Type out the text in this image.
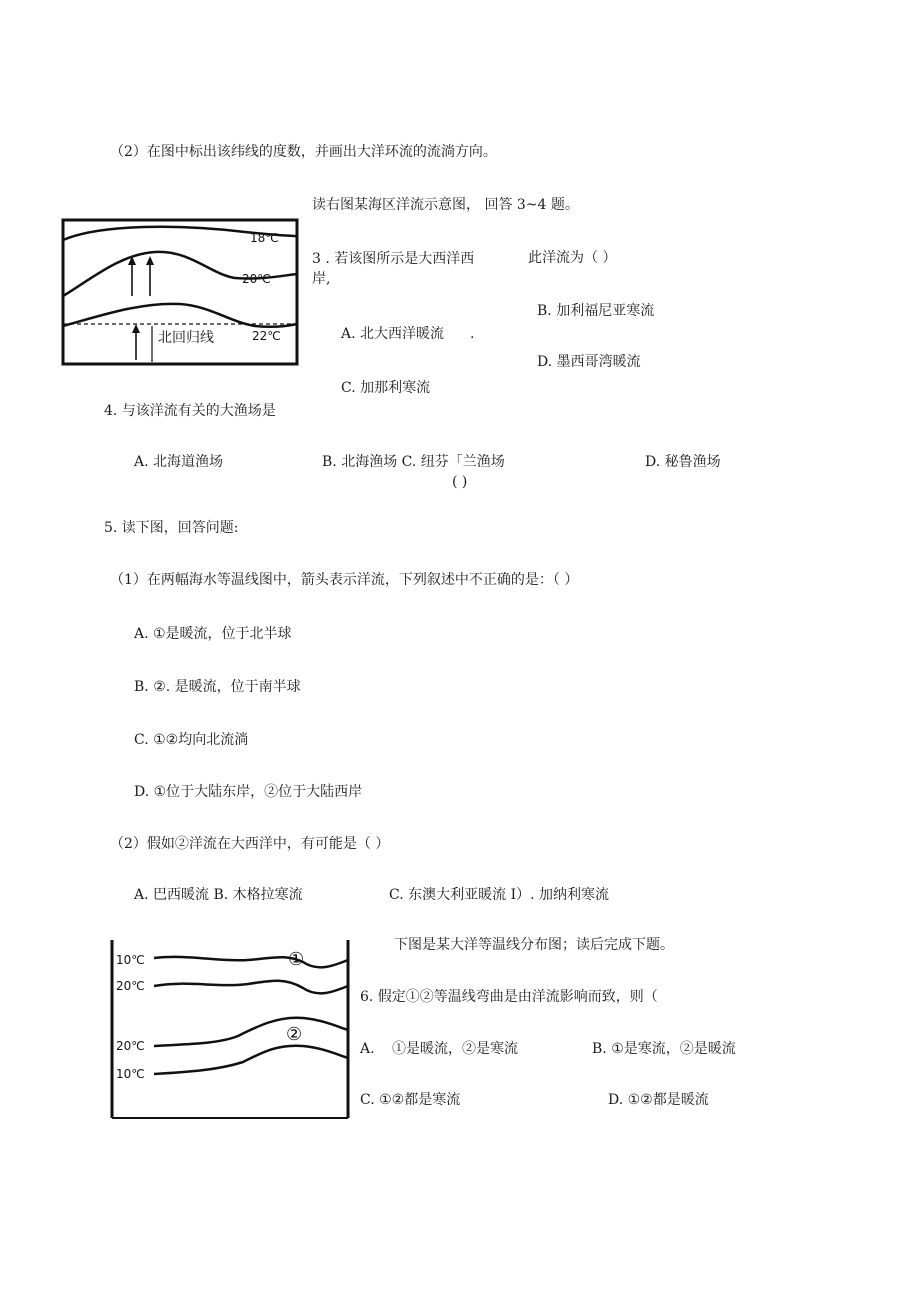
（2）在图中标出该纬线的度数，并画出大洋环流的流淌方向。
读右图某海区洋流示意图， 回答 3~4 题。
18℃
20℃
22℃
北回归线
3 . 若该图所示是大西洋西
岸,
此洋流为（ ）
B. 加利福尼亚寒流
A. 北大西洋暖流 .
D. 墨西哥湾暖流
C. 加那利寒流
4. 与该洋流有关的大渔场是
A. 北海道渔场	B. 北海渔场 C. 纽芬「兰渔场	D. 秘鲁渔场
( )
5. 读下图，回答问题:
（1）在两幅海水等温线图中，箭头表示洋流，下列叙述中不正确的是：（ ）
A. ①是暖流，位于北半球
B. ②. 是暖流，位于南半球
C. ①②均向北流淌
D. ①位于大陆东岸，②位于大陆西岸
（2）假如②洋流在大西洋中，有可能是（ ）
A. 巴西暖流 B. 木格拉寒流	C. 东澳大利亚暖流 I）. 加纳利寒流
10℃
20℃
20℃
10℃
①
②
下图是某大洋等温线分布图；读后完成下题。
6. 假定①②等温线弯曲是由洋流影响而致，则（
A. ①是暖流，②是寒流	B. ①是寒流，②是暖流
C. ①②都是寒流	D. ①②都是暖流
